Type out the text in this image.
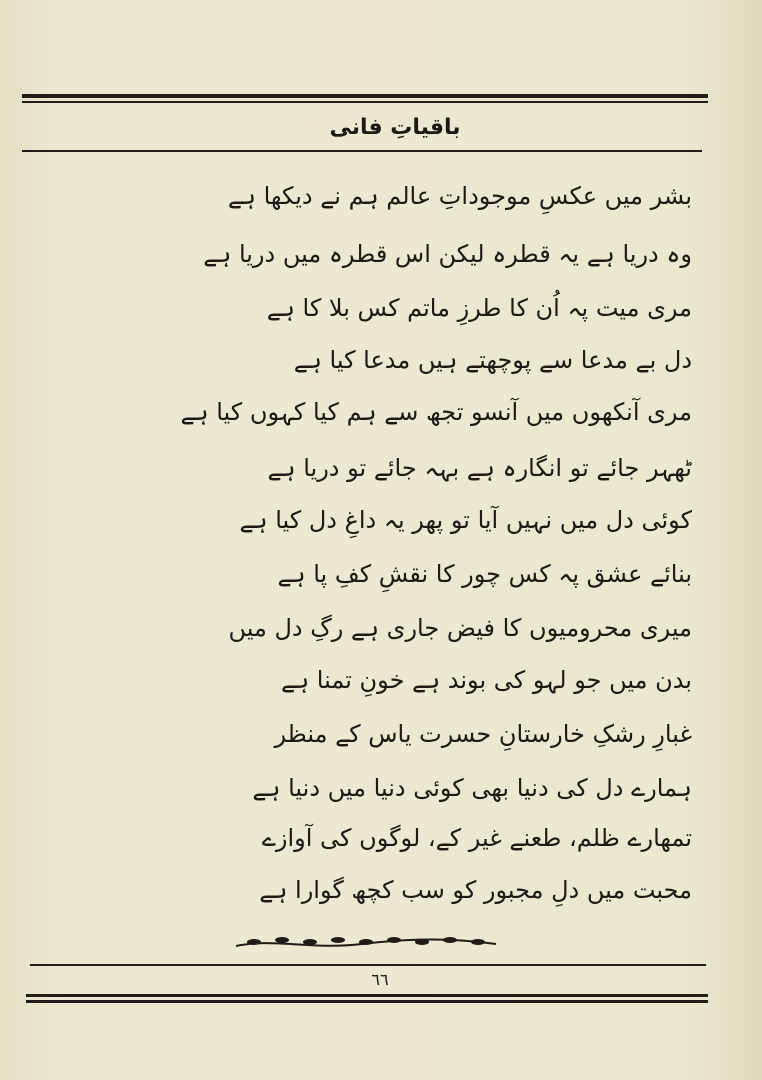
باقیاتِ فانی
بشر میں عکسِ موجوداتِ عالم ہم نے دیکھا ہے
وہ دریا ہے یہ قطرہ لیکن اس قطرہ میں دریا ہے
مری میت پہ اُن کا طرزِ ماتم کس بلا کا ہے
دل بے مدعا سے پوچھتے ہیں مدعا کیا ہے
مری آنکھوں میں آنسو تجھ سے ہم کیا کہوں کیا ہے
ٹھہر جائے تو انگارہ ہے بہہ جائے تو دریا ہے
کوئی دل میں نہیں آیا تو پھر یہ داغِ دل کیا ہے
بنائے عشق پہ کس چور کا نقشِ کفِ پا ہے
میری محرومیوں کا فیض جاری ہے رگِ دل میں
بدن میں جو لہو کی بوند ہے خونِ تمنا ہے
غبارِ رشکِ خارستانِ حسرت یاس کے منظر
ہمارے دل کی دنیا بھی کوئی دنیا میں دنیا ہے
تمھارے ظلم، طعنے غیر کے، لوگوں کی آوازے
محبت میں دلِ مجبور کو سب کچھ گوارا ہے
٦٦
